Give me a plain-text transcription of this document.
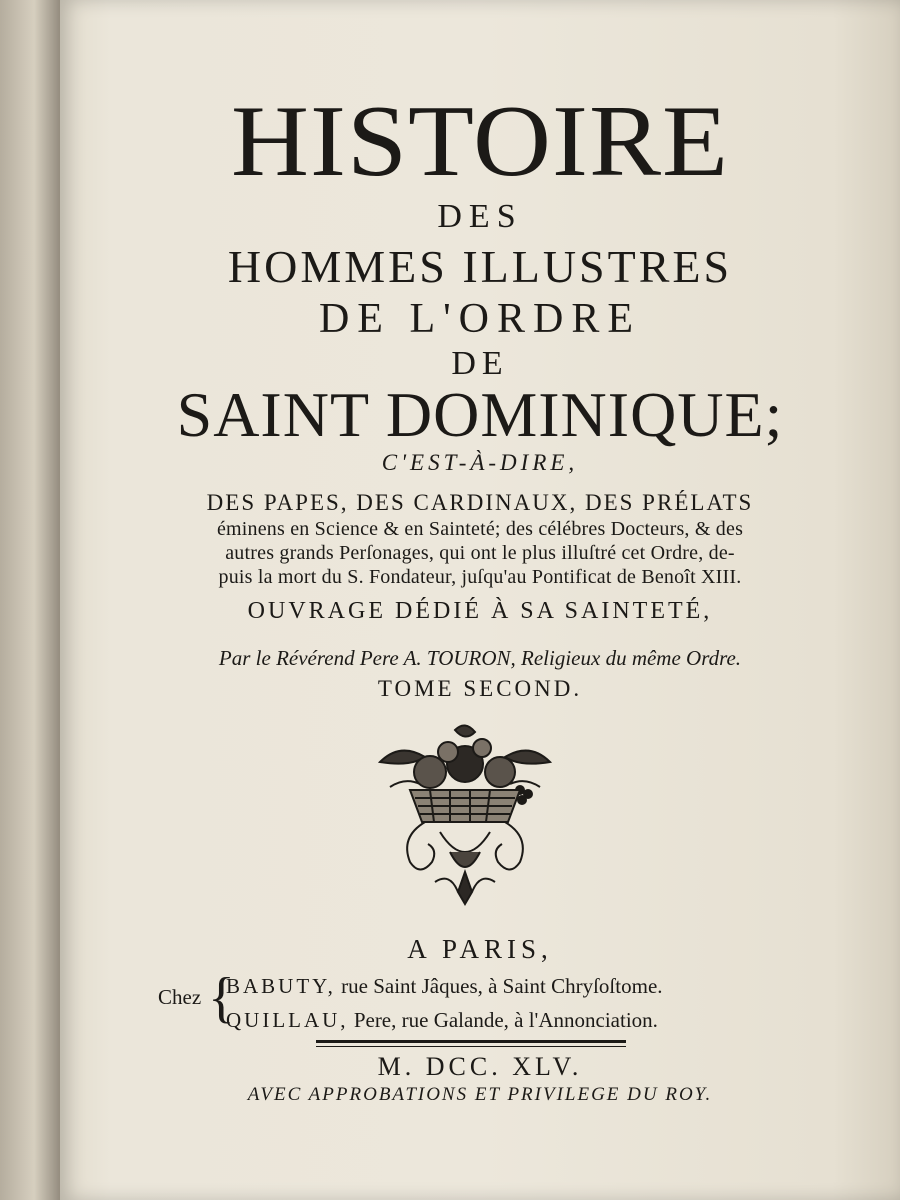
HISTOIRE
DES
HOMMES ILLUSTRES
DE L'ORDRE
DE
SAINT DOMINIQUE;
C'EST-À-DIRE,
DES PAPES, DES CARDINAUX, DES PRÉLATS
éminens en Science & en Sainteté; des célébres Docteurs, & des
autres grands Perſonages, qui ont le plus illuſtré cet Ordre, de-
puis la mort du S. Fondateur, juſqu'au Pontificat de Benoît XIII.
OUVRAGE DÉDIÉ À SA SAINTETÉ,
Par le Révérend Pere A. TOURON, Religieux du même Ordre.
TOME SECOND.
A PARIS,
Chez {
BABUTY, rue Saint Jâques, à Saint Chryſoſtome.
QUILLAU, Pere, rue Galande, à l'Annonciation.
M. DCC. XLV.
AVEC APPROBATIONS ET PRIVILEGE DU ROY.
